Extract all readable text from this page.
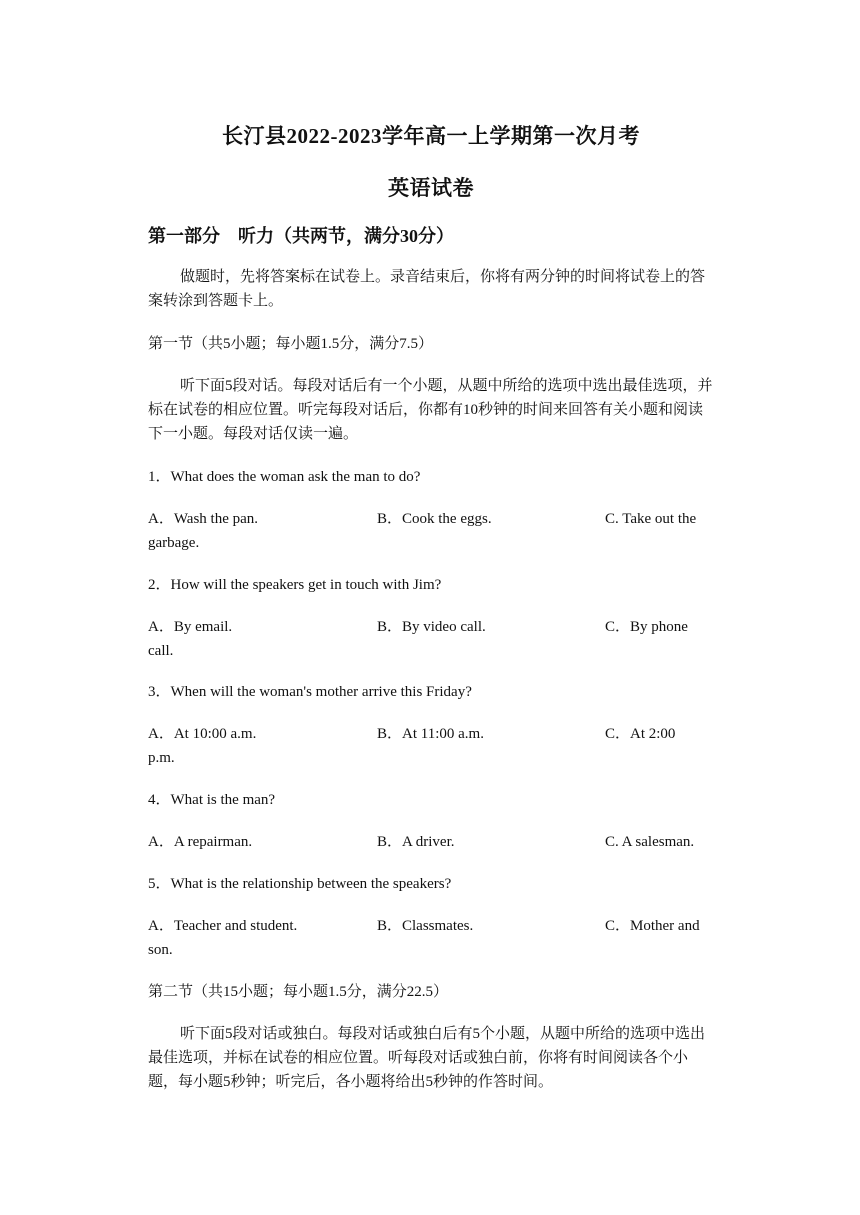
长汀县2022-2023学年高一上学期第一次月考
英语试卷
第一部分　听力（共两节，满分30分）
做题时，先将答案标在试卷上。录音结束后，你将有两分钟的时间将试卷上的答案转涂到答题卡上。
第一节（共5小题；每小题1.5分，满分7.5）
听下面5段对话。每段对话后有一个小题，从题中所给的选项中选出最佳选项，并标在试卷的相应位置。听完每段对话后，你都有10秒钟的时间来回答有关小题和阅读下一小题。每段对话仅读一遍。
1．What does the woman ask the man to do?
A．Wash the pan.	B．Cook the eggs.	C. Take out the
garbage.
2．How will the speakers get in touch with Jim?
A．By email.	B．By video call.	C．By phone
call.
3．When will the woman's mother arrive this Friday?
A．At 10:00 a.m.	B．At 11:00 a.m.	C．At 2:00
p.m.
4．What is the man?
A．A repairman.	B．A driver.	C. A salesman.
5．What is the relationship between the speakers?
A．Teacher and student.	B．Classmates.	C．Mother and
son.
第二节（共15小题；每小题1.5分，满分22.5）
听下面5段对话或独白。每段对话或独白后有5个小题，从题中所给的选项中选出最佳选项，并标在试卷的相应位置。听每段对话或独白前，你将有时间阅读各个小题，每小题5秒钟；听完后，各小题将给出5秒钟的作答时间。
